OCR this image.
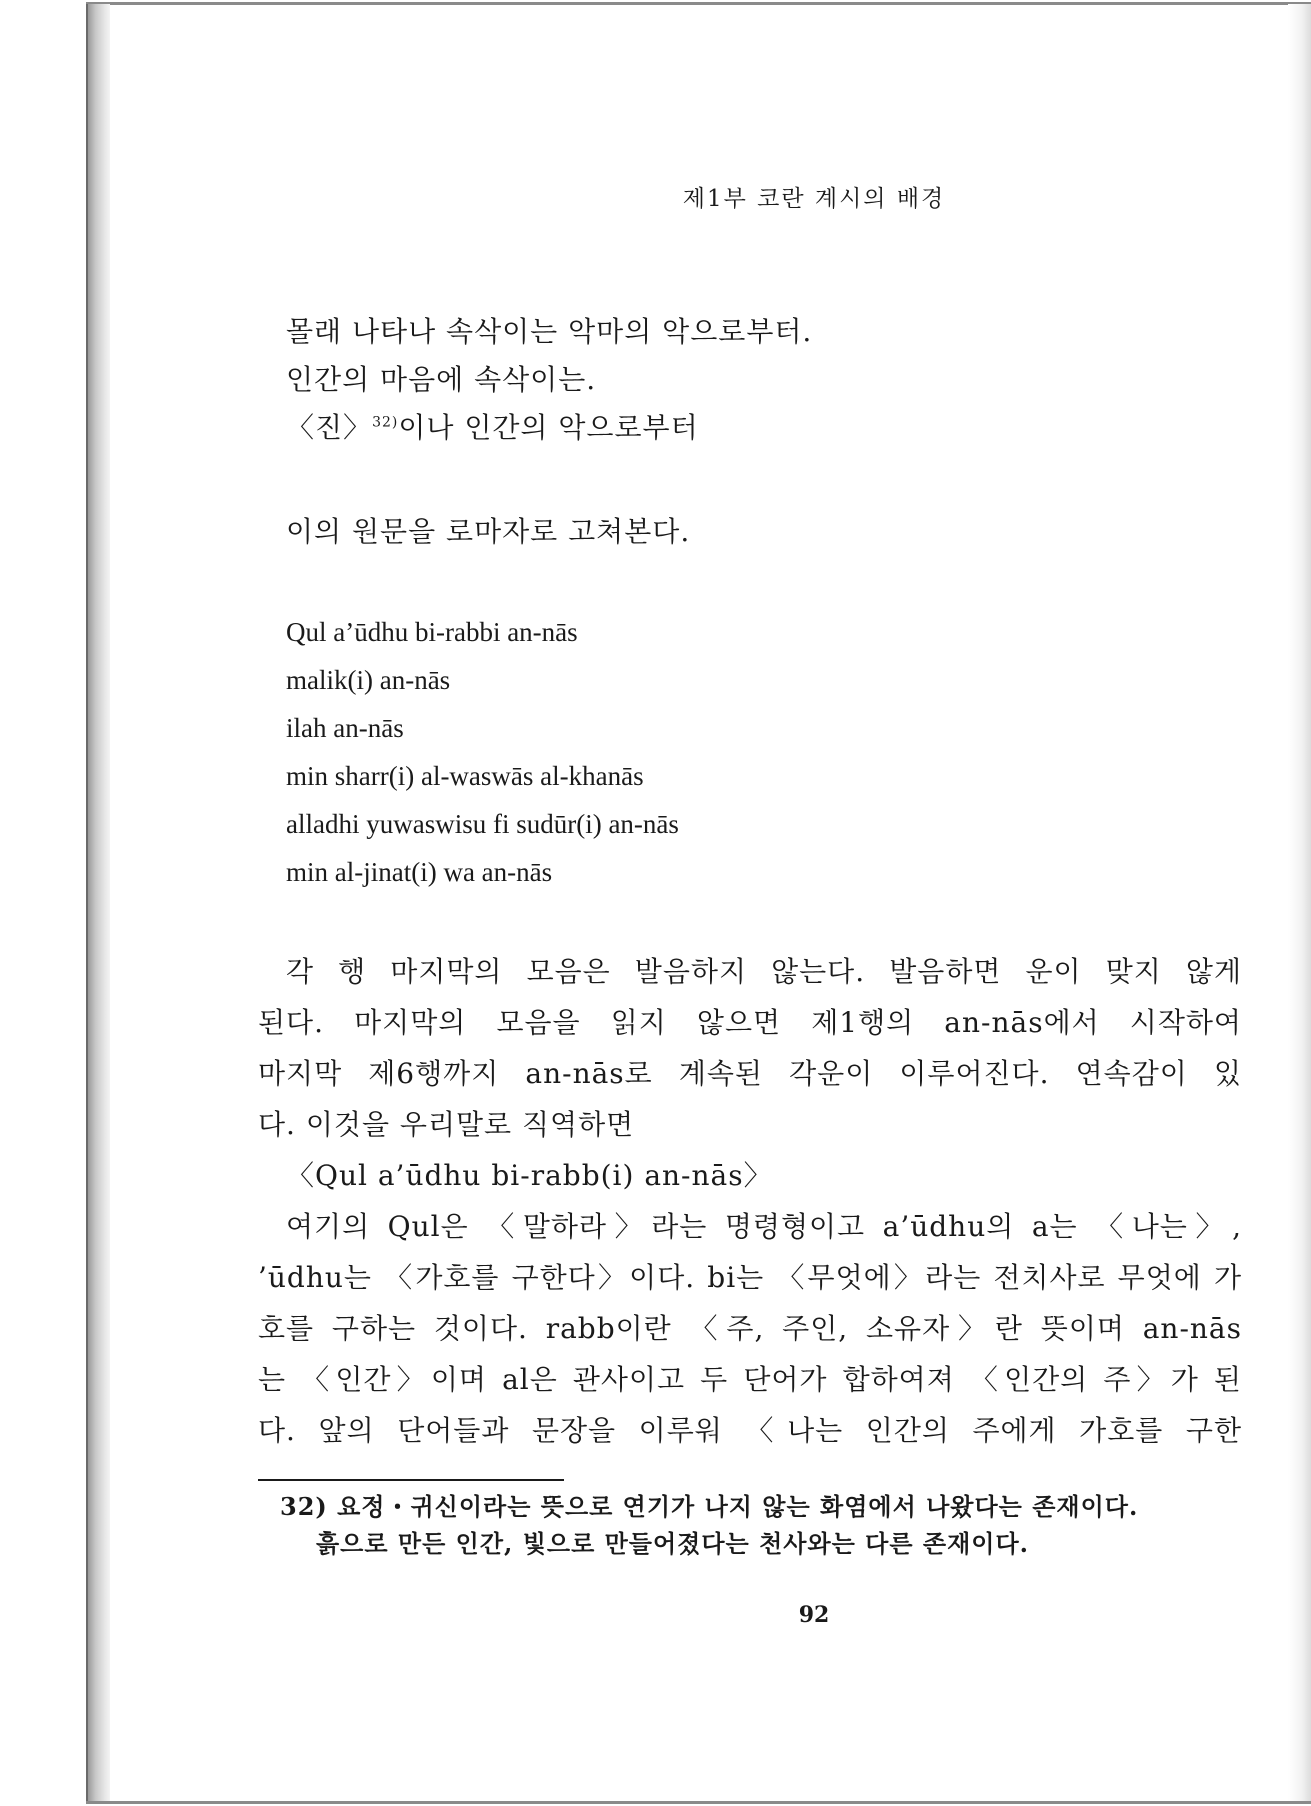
제1부 코란 계시의 배경
몰래 나타나 속삭이는 악마의 악으로부터.
인간의 마음에 속삭이는.
〈진〉$^{32)}$이나 인간의 악으로부터
이의 원문을 로마자로 고쳐본다.
Qul a’ūdhu bi-rabbi an-nās
malik(i) an-nās
ilah an-nās
min sharr(i) al-waswās al-khanās
alladhi yuwaswisu fi sudūr(i) an-nās
min al-jinat(i) wa an-nās
각 행 마지막의 모음은 발음하지 않는다. 발음하면 운이 맞지 않게
된다. 마지막의 모음을 읽지 않으면 제1행의 an-nās에서 시작하여
마지막 제6행까지 an-nās로 계속된 각운이 이루어진다. 연속감이 있
다. 이것을 우리말로 직역하면
〈Qul a’ūdhu bi-rabb(i) an-nās〉
여기의 Qul은 〈말하라〉라는 명령형이고 a’ūdhu의 a는 〈나는〉,
’ūdhu는 〈가호를 구한다〉이다. bi는 〈무엇에〉라는 전치사로 무엇에 가
호를 구하는 것이다. rabb이란 〈주, 주인, 소유자〉란 뜻이며 an-nās
는 〈인간〉이며 al은 관사이고 두 단어가 합하여져 〈인간의 주〉가 된
다. 앞의 단어들과 문장을 이루워 〈나는 인간의 주에게 가호를 구한
32) 요정・귀신이라는 뜻으로 연기가 나지 않는 화염에서 나왔다는 존재이다.
흙으로 만든 인간, 빛으로 만들어졌다는 천사와는 다른 존재이다.
92
